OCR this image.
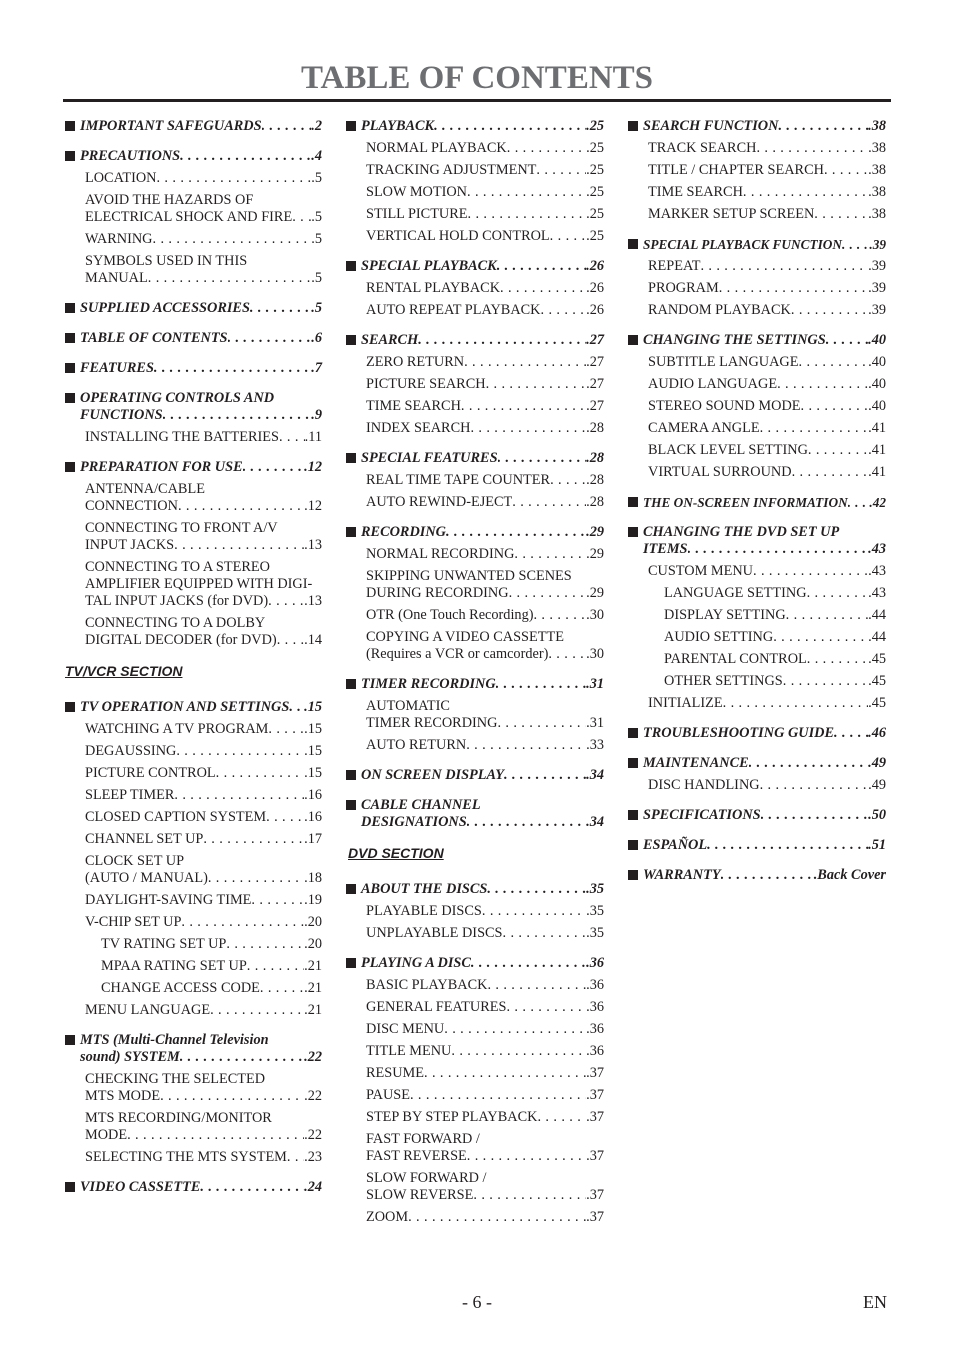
TABLE OF CONTENTS
IMPORTANT SAFEGUARDS . . .	.2
PRECAUTIONS . . .	.4
LOCATION . . .	.5
AVOID THE HAZARDS OF
ELECTRICAL SHOCK AND FIRE . . . .5
WARNING . . .	.5
SYMBOLS USED IN THIS
MANUAL . . .	.5
SUPPLIED ACCESSORIES . . .	.5
TABLE OF CONTENTS . . .	.6
FEATURES . . .	.7
OPERATING CONTROLS AND
FUNCTIONS . . .	.9
INSTALLING THE BATTERIES . . . .11
PREPARATION FOR USE . . .	.12
ANTENNA/CABLE
CONNECTION . . .	.12
CONNECTING TO FRONT A/V
INPUT JACKS . . .	.13
CONNECTING TO A STEREO
AMPLIFIER EQUIPPED WITH DIGI-
TAL INPUT JACKS (for DVD) . . .	.13
CONNECTING TO A DOLBY
DIGITAL DECODER (for DVD) . . . .14
TV/VCR SECTION
TV OPERATION AND SETTINGS . . . .15
WATCHING A TV PROGRAM . . .	.15
DEGAUSSING . . .	.15
PICTURE CONTROL . . .	.15
SLEEP TIMER . . .	.16
CLOSED CAPTION SYSTEM . . .	.16
CHANNEL SET UP . . .	.17
CLOCK SET UP
(AUTO / MANUAL) . . .	.18
DAYLIGHT-SAVING TIME . . .	.19
V-CHIP SET UP . . .	.20
TV RATING SET UP . . .	.20
MPAA RATING SET UP . . .	.21
CHANGE ACCESS CODE . . .	.21
MENU LANGUAGE . . .	.21
MTS (Multi-Channel Television
sound) SYSTEM . . .	.22
CHECKING THE SELECTED
MTS MODE . . .	.22
MTS RECORDING/MONITOR
MODE . . .	.22
SELECTING THE MTS SYSTEM . . . .23
VIDEO CASSETTE . . .	.24
PLAYBACK . . .	.25
NORMAL PLAYBACK . . .	.25
TRACKING ADJUSTMENT . . .	.25
SLOW MOTION . . .	.25
STILL PICTURE . . .	.25
VERTICAL HOLD CONTROL . . .	.25
SPECIAL PLAYBACK . . .	.26
RENTAL PLAYBACK . . .	.26
AUTO REPEAT PLAYBACK . . .	.26
SEARCH . . .	.27
ZERO RETURN . . .	.27
PICTURE SEARCH . . .	.27
TIME SEARCH . . .	.27
INDEX SEARCH . . .	.28
SPECIAL FEATURES . . .	.28
REAL TIME TAPE COUNTER . . .	.28
AUTO REWIND-EJECT . . .	.28
RECORDING . . .	.29
NORMAL RECORDING . . .	.29
SKIPPING UNWANTED SCENES
DURING RECORDING . . .	.29
OTR (One Touch Recording) . . .	.30
COPYING A VIDEO CASSETTE
(Requires a VCR or camcorder) . . .	.30
TIMER RECORDING . . .	.31
AUTOMATIC
TIMER RECORDING . . .	.31
AUTO RETURN . . .	.33
ON SCREEN DISPLAY . . .	.34
CABLE CHANNEL
DESIGNATIONS . . .	.34
DVD SECTION
ABOUT THE DISCS . . .	.35
PLAYABLE DISCS . . .	.35
UNPLAYABLE DISCS . . .	.35
PLAYING A DISC . . .	.36
BASIC PLAYBACK . . .	.36
GENERAL FEATURES . . .	.36
DISC MENU . . .	.36
TITLE MENU . . .	.36
RESUME . . .	.37
PAUSE . . .	.37
STEP BY STEP PLAYBACK . . .	.37
FAST FORWARD /
FAST REVERSE . . .	.37
SLOW FORWARD /
SLOW REVERSE . . .	.37
ZOOM . . .	.37
SEARCH FUNCTION . . .	.38
TRACK SEARCH . . .	.38
TITLE / CHAPTER SEARCH . . .	.38
TIME SEARCH . . .	.38
MARKER SETUP SCREEN . . .	.38
SPECIAL PLAYBACK FUNCTION . . . .39
REPEAT . . .	.39
PROGRAM . . .	.39
RANDOM PLAYBACK . . .	.39
CHANGING THE SETTINGS . . .	.40
SUBTITLE LANGUAGE . . .	.40
AUDIO LANGUAGE . . .	.40
STEREO SOUND MODE . . .	.40
CAMERA ANGLE . . .	.41
BLACK LEVEL SETTING . . .	.41
VIRTUAL SURROUND . . .	.41
THE ON-SCREEN INFORMATION . . . .42
CHANGING THE DVD SET UP
ITEMS . . .	.43
CUSTOM MENU . . .	.43
LANGUAGE SETTING . . .	.43
DISPLAY SETTING . . .	.44
AUDIO SETTING . . .	.44
PARENTAL CONTROL . . .	.45
OTHER SETTINGS . . .	.45
INITIALIZE . . .	.45
TROUBLESHOOTING GUIDE . . . .46
MAINTENANCE . . .	.49
DISC HANDLING . . .	.49
SPECIFICATIONS . . .	.50
ESPAÑOL . . .	.51
WARRANTY . . .	.Back Cover
- 6 -	EN
